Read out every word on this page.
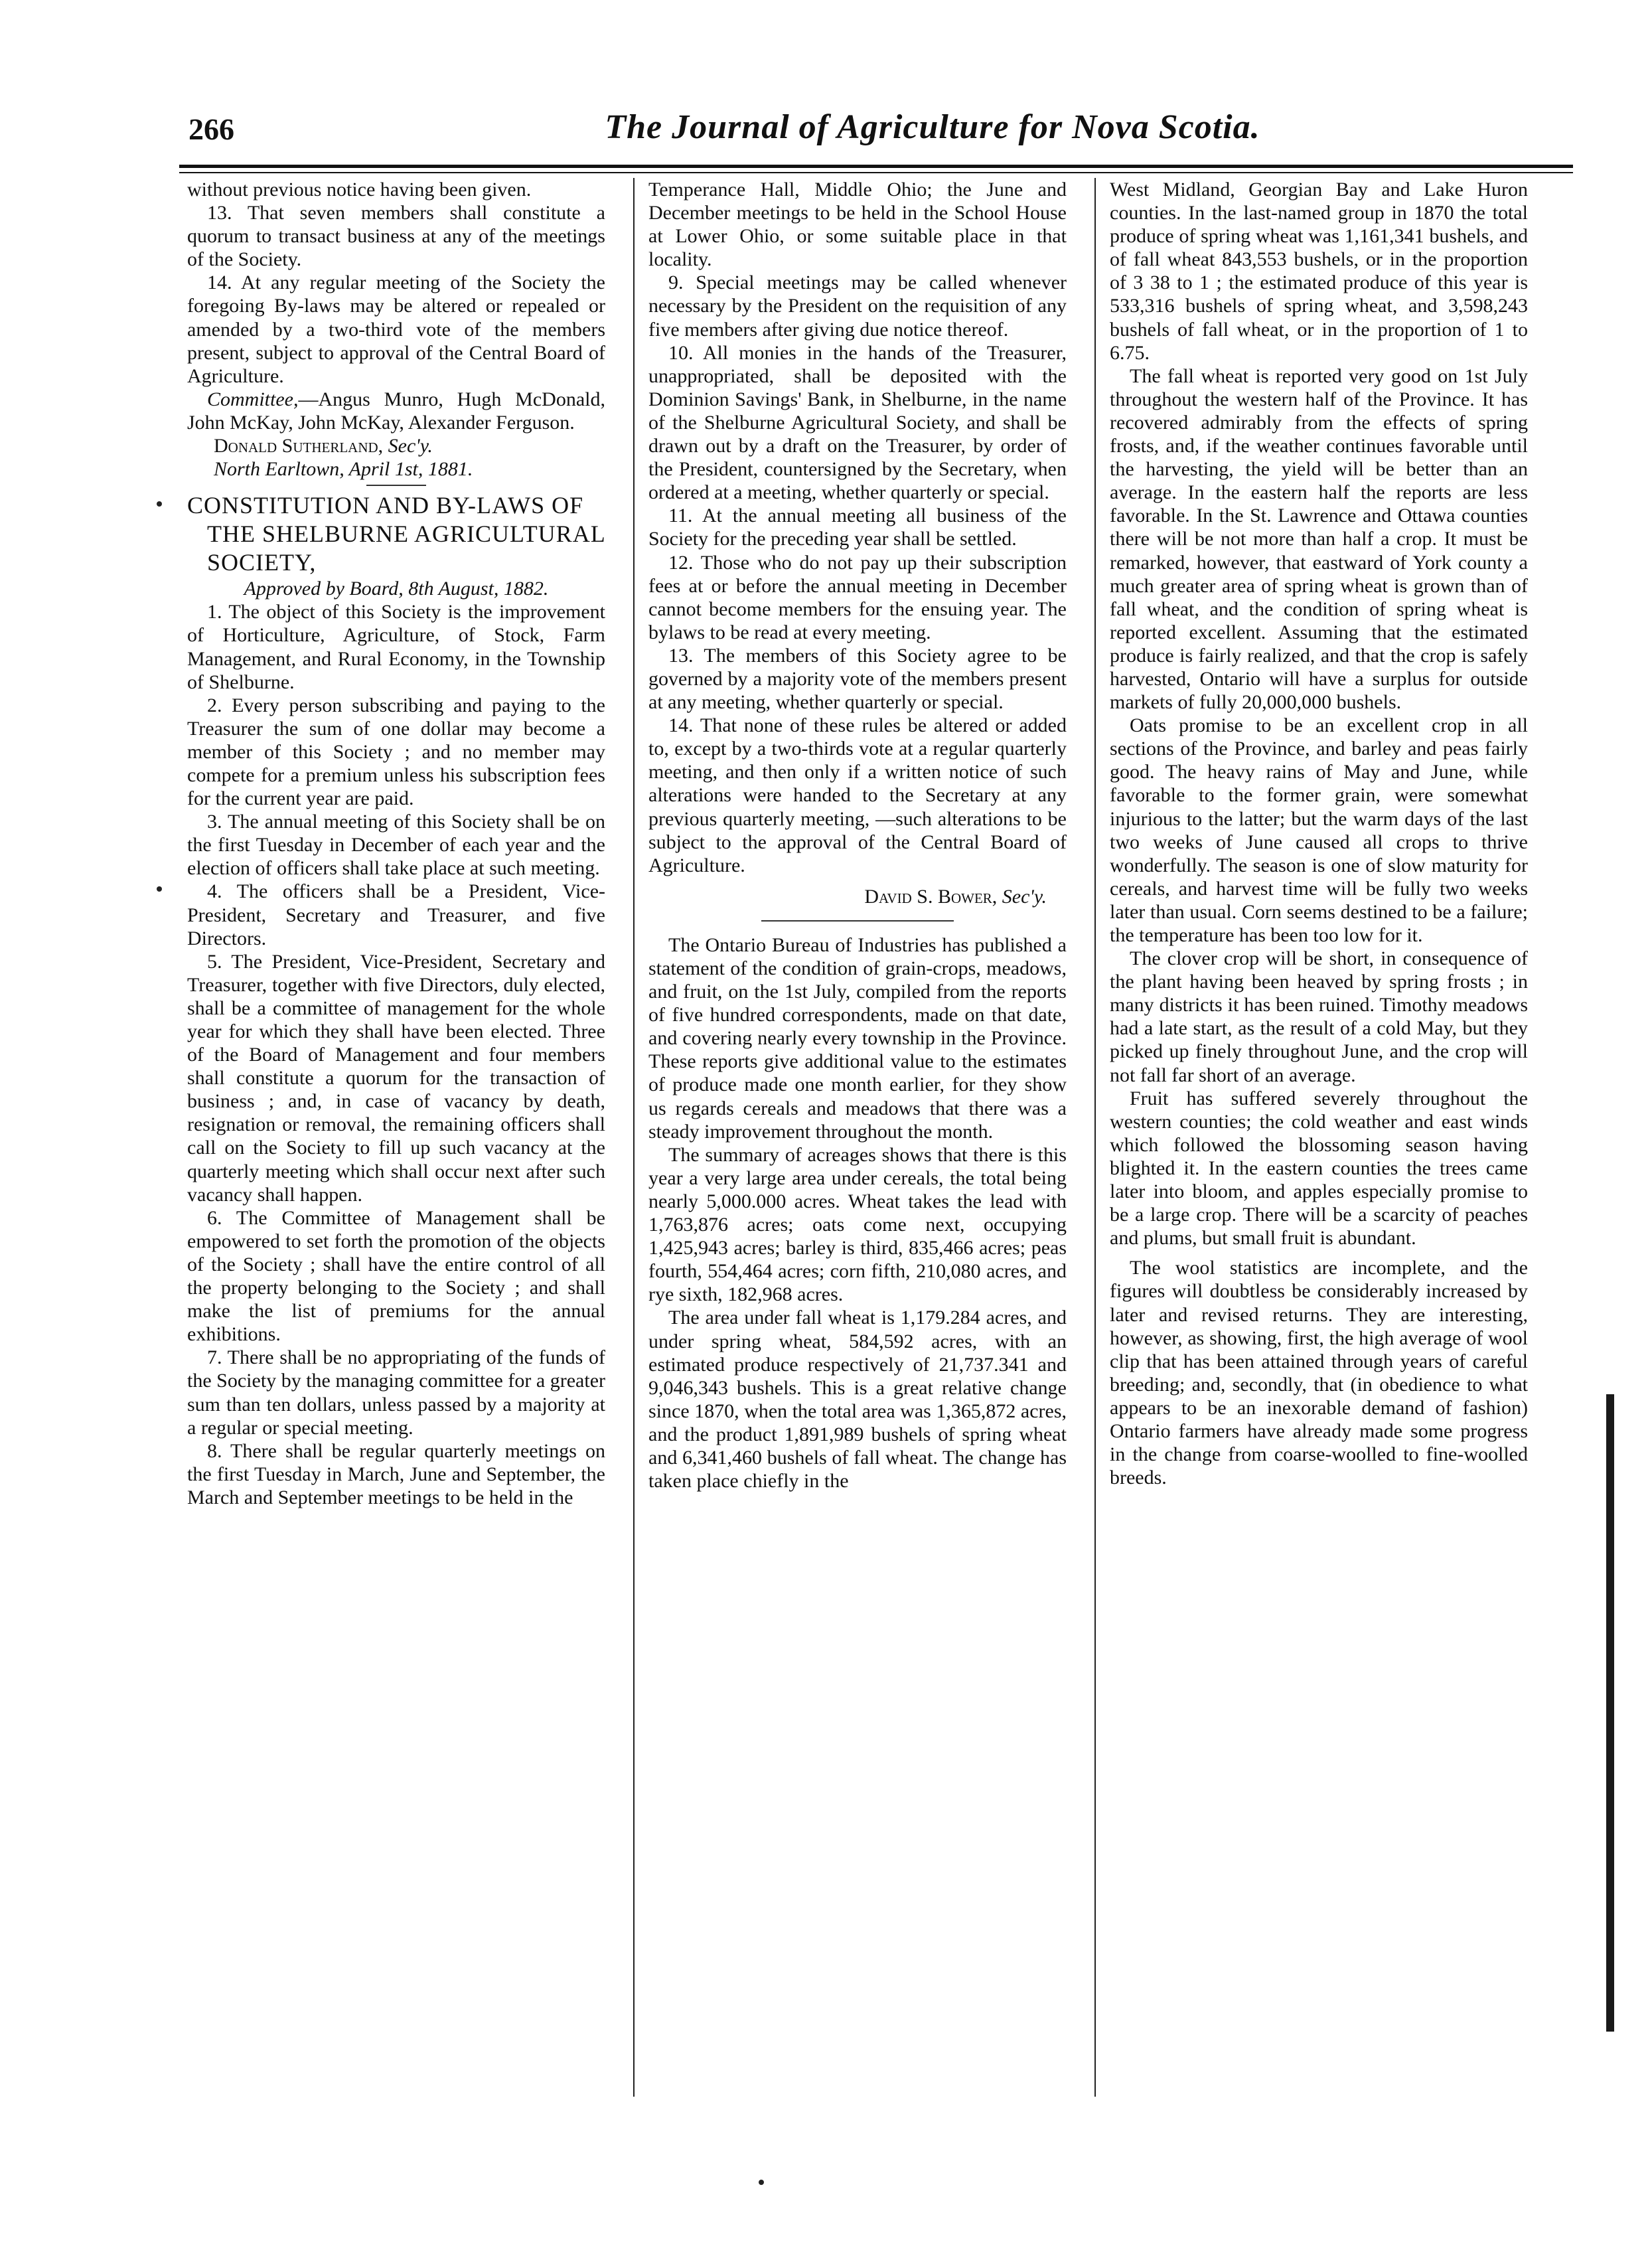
266	The Journal of Agriculture for Nova Scotia.

without previous notice having been given.

13. That seven members shall constitute a quorum to transact business at any of the meetings of the Society.

14. At any regular meeting of the Society the foregoing By-laws may be altered or repealed or amended by a two-third vote of the members present, subject to approval of the Central Board of Agriculture.

Committee,—Angus Munro, Hugh McDonald, John McKay, John McKay, Alexander Ferguson.

Donald Sutherland, Sec'y.

North Earltown, April 1st, 1881.

CONSTITUTION AND BY-LAWS OF THE SHELBURNE AGRICULTURAL SOCIETY,

Approved by Board, 8th August, 1882.

1. The object of this Society is the improvement of Horticulture, Agriculture, of Stock, Farm Management, and Rural Economy, in the Township of Shelburne.

2. Every person subscribing and paying to the Treasurer the sum of one dollar may become a member of this Society ; and no member may compete for a premium unless his subscription fees for the current year are paid.

3. The annual meeting of this Society shall be on the first Tuesday in December of each year and the election of officers shall take place at such meeting.

4. The officers shall be a President, Vice-President, Secretary and Treasurer, and five Directors.

5. The President, Vice-President, Secretary and Treasurer, together with five Directors, duly elected, shall be a committee of management for the whole year for which they shall have been elected. Three of the Board of Management and four members shall constitute a quorum for the transaction of business ; and, in case of vacancy by death, resignation or removal, the remaining officers shall call on the Society to fill up such vacancy at the quarterly meeting which shall occur next after such vacancy shall happen.

6. The Committee of Management shall be empowered to set forth the promotion of the objects of the Society ; shall have the entire control of all the property belonging to the Society ; and shall make the list of premiums for the annual exhibitions.

7. There shall be no appropriating of the funds of the Society by the managing committee for a greater sum than ten dollars, unless passed by a majority at a regular or special meeting.

8. There shall be regular quarterly meetings on the first Tuesday in March, June and September, the March and September meetings to be held in the

Temperance Hall, Middle Ohio; the June and December meetings to be held in the School House at Lower Ohio, or some suitable place in that locality.

9. Special meetings may be called whenever necessary by the President on the requisition of any five members after giving due notice thereof.

10. All monies in the hands of the Treasurer, unappropriated, shall be deposited with the Dominion Savings' Bank, in Shelburne, in the name of the Shelburne Agricultural Society, and shall be drawn out by a draft on the Treasurer, by order of the President, countersigned by the Secretary, when ordered at a meeting, whether quarterly or special.

11. At the annual meeting all business of the Society for the preceding year shall be settled.

12. Those who do not pay up their subscription fees at or before the annual meeting in December cannot become members for the ensuing year. The bylaws to be read at every meeting.

13. The members of this Society agree to be governed by a majority vote of the members present at any meeting, whether quarterly or special.

14. That none of these rules be altered or added to, except by a two-thirds vote at a regular quarterly meeting, and then only if a written notice of such alterations were handed to the Secretary at any previous quarterly meeting, —such alterations to be subject to the approval of the Central Board of Agriculture.

David S. Bower, Sec'y.

The Ontario Bureau of Industries has published a statement of the condition of grain-crops, meadows, and fruit, on the 1st July, compiled from the reports of five hundred correspondents, made on that date, and covering nearly every township in the Province. These reports give additional value to the estimates of produce made one month earlier, for they show us regards cereals and meadows that there was a steady improvement throughout the month.

The summary of acreages shows that there is this year a very large area under cereals, the total being nearly 5,000.000 acres. Wheat takes the lead with 1,763,876 acres; oats come next, occupying 1,425,943 acres; barley is third, 835,466 acres; peas fourth, 554,464 acres; corn fifth, 210,080 acres, and rye sixth, 182,968 acres.

The area under fall wheat is 1,179.284 acres, and under spring wheat, 584,592 acres, with an estimated produce respectively of 21,737.341 and 9,046,343 bushels. This is a great relative change since 1870, when the total area was 1,365,872 acres, and the product 1,891,989 bushels of spring wheat and 6,341,460 bushels of fall wheat. The change has taken place chiefly in the

West Midland, Georgian Bay and Lake Huron counties. In the last-named group in 1870 the total produce of spring wheat was 1,161,341 bushels, and of fall wheat 843,553 bushels, or in the proportion of 3 38 to 1 ; the estimated produce of this year is 533,316 bushels of spring wheat, and 3,598,243 bushels of fall wheat, or in the proportion of 1 to 6.75.

The fall wheat is reported very good on 1st July throughout the western half of the Province. It has recovered admirably from the effects of spring frosts, and, if the weather continues favorable until the harvesting, the yield will be better than an average. In the eastern half the reports are less favorable. In the St. Lawrence and Ottawa counties there will be not more than half a crop. It must be remarked, however, that eastward of York county a much greater area of spring wheat is grown than of fall wheat, and the condition of spring wheat is reported excellent. Assuming that the estimated produce is fairly realized, and that the crop is safely harvested, Ontario will have a surplus for outside markets of fully 20,000,000 bushels.

Oats promise to be an excellent crop in all sections of the Province, and barley and peas fairly good. The heavy rains of May and June, while favorable to the former grain, were somewhat injurious to the latter; but the warm days of the last two weeks of June caused all crops to thrive wonderfully. The season is one of slow maturity for cereals, and harvest time will be fully two weeks later than usual. Corn seems destined to be a failure; the temperature has been too low for it.

The clover crop will be short, in consequence of the plant having been heaved by spring frosts ; in many districts it has been ruined. Timothy meadows had a late start, as the result of a cold May, but they picked up finely throughout June, and the crop will not fall far short of an average.

Fruit has suffered severely throughout the western counties; the cold weather and east winds which followed the blossoming season having blighted it. In the eastern counties the trees came later into bloom, and apples especially promise to be a large crop. There will be a scarcity of peaches and plums, but small fruit is abundant.

The wool statistics are incomplete, and the figures will doubtless be considerably increased by later and revised returns. They are interesting, however, as showing, first, the high average of wool clip that has been attained through years of careful breeding; and, secondly, that (in obedience to what appears to be an inexorable demand of fashion) Ontario farmers have already made some progress in the change from coarse-woolled to fine-woolled breeds.
